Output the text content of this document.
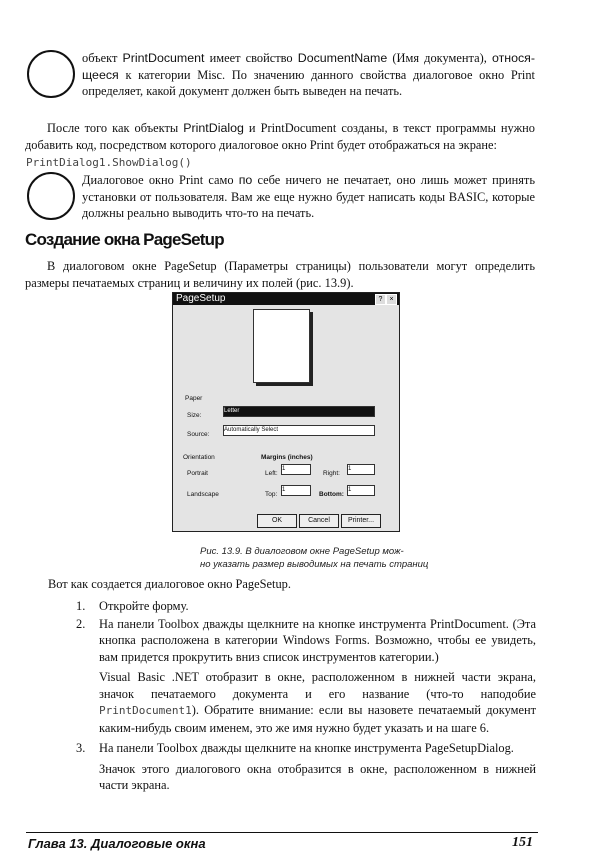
объект PrintDocument имеет свойство DocumentName (Имя документа), относя-щееся к категории Misc. По значению данного свойства диалоговое окно Print определяет, какой документ должен быть выведен на печать.
После того как объекты PrintDialog и PrintDocument созданы, в текст программы нужно добавить код, посредством которого диалоговое окно Print будет отображаться на экране:
PrintDialog1.ShowDialog()
Диалоговое окно Print само по себе ничего не печатает, оно лишь может принять установки от пользователя. Вам же еще нужно будет написать коды BASIC, которые должны реально выводить что-то на печать.
Создание окна PageSetup
В диалоговом окне PageSetup (Параметры страницы) пользователи могут определить размеры печатаемых страниц и величину их полей (рис. 13.9).
PageSetup	?	×
Paper
Size:
Letter
Source:
Automatically Select
Orientation
Portrait
Landscape
Margins (inches)
Left:
1
Right:
1
Top:
1
Bottom:
1
OK	Cancel	Printer...
Рис. 13.9. В диалоговом окне PageSetup мож-
но указать размер выводимых на печать страниц
Вот как создается диалоговое окно PageSetup.
1. Откройте форму.
2. На панели Toolbox дважды щелкните на кнопке инструмента PrintDocument. (Эта кнопка расположена в категории Windows Forms. Возможно, чтобы ее увидеть, вам придется прокрутить вниз список инструментов категории.)
Visual Basic .NET отобразит в окне, расположенном в нижней части экрана, значок печатаемого документа и его название (что-то наподобие PrintDocument1). Обратите внимание: если вы назовете печатаемый документ каким-нибудь своим именем, это же имя нужно будет указать и на шаге 6.
3. На панели Toolbox дважды щелкните на кнопке инструмента PageSetupDialog.
Значок этого диалогового окна отобразится в окне, расположенном в нижней части экрана.
Глава 13. Диалоговые окна	151
